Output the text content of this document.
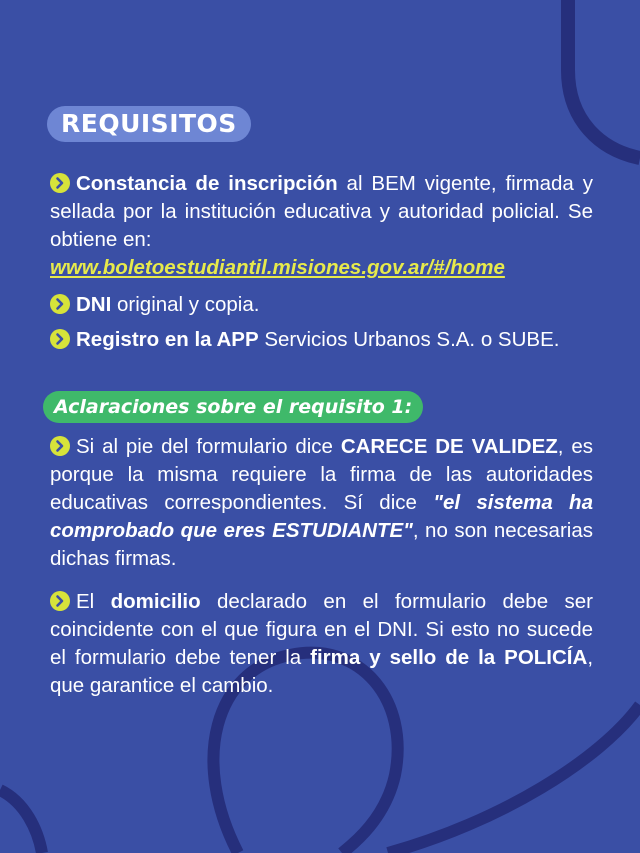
REQUISITOS
Constancia de inscripción al BEM vigente, firmada y sellada por la institución educativa y autoridad policial. Se obtiene en:
www.boletoestudiantil.misiones.gov.ar/#/home
DNI original y copia.
Registro en la APP Servicios Urbanos S.A. o SUBE.
Aclaraciones sobre el requisito 1:
Si al pie del formulario dice CARECE DE VALIDEZ, es porque la misma requiere la firma de las autoridades educativas correspondientes. Sí dice "el sistema ha comprobado que eres ESTUDIANTE", no son necesarias dichas firmas.
El domicilio declarado en el formulario debe ser coincidente con el que figura en el DNI. Si esto no sucede el formulario debe tener la firma y sello de la POLICÍA, que garantice el cambio.
